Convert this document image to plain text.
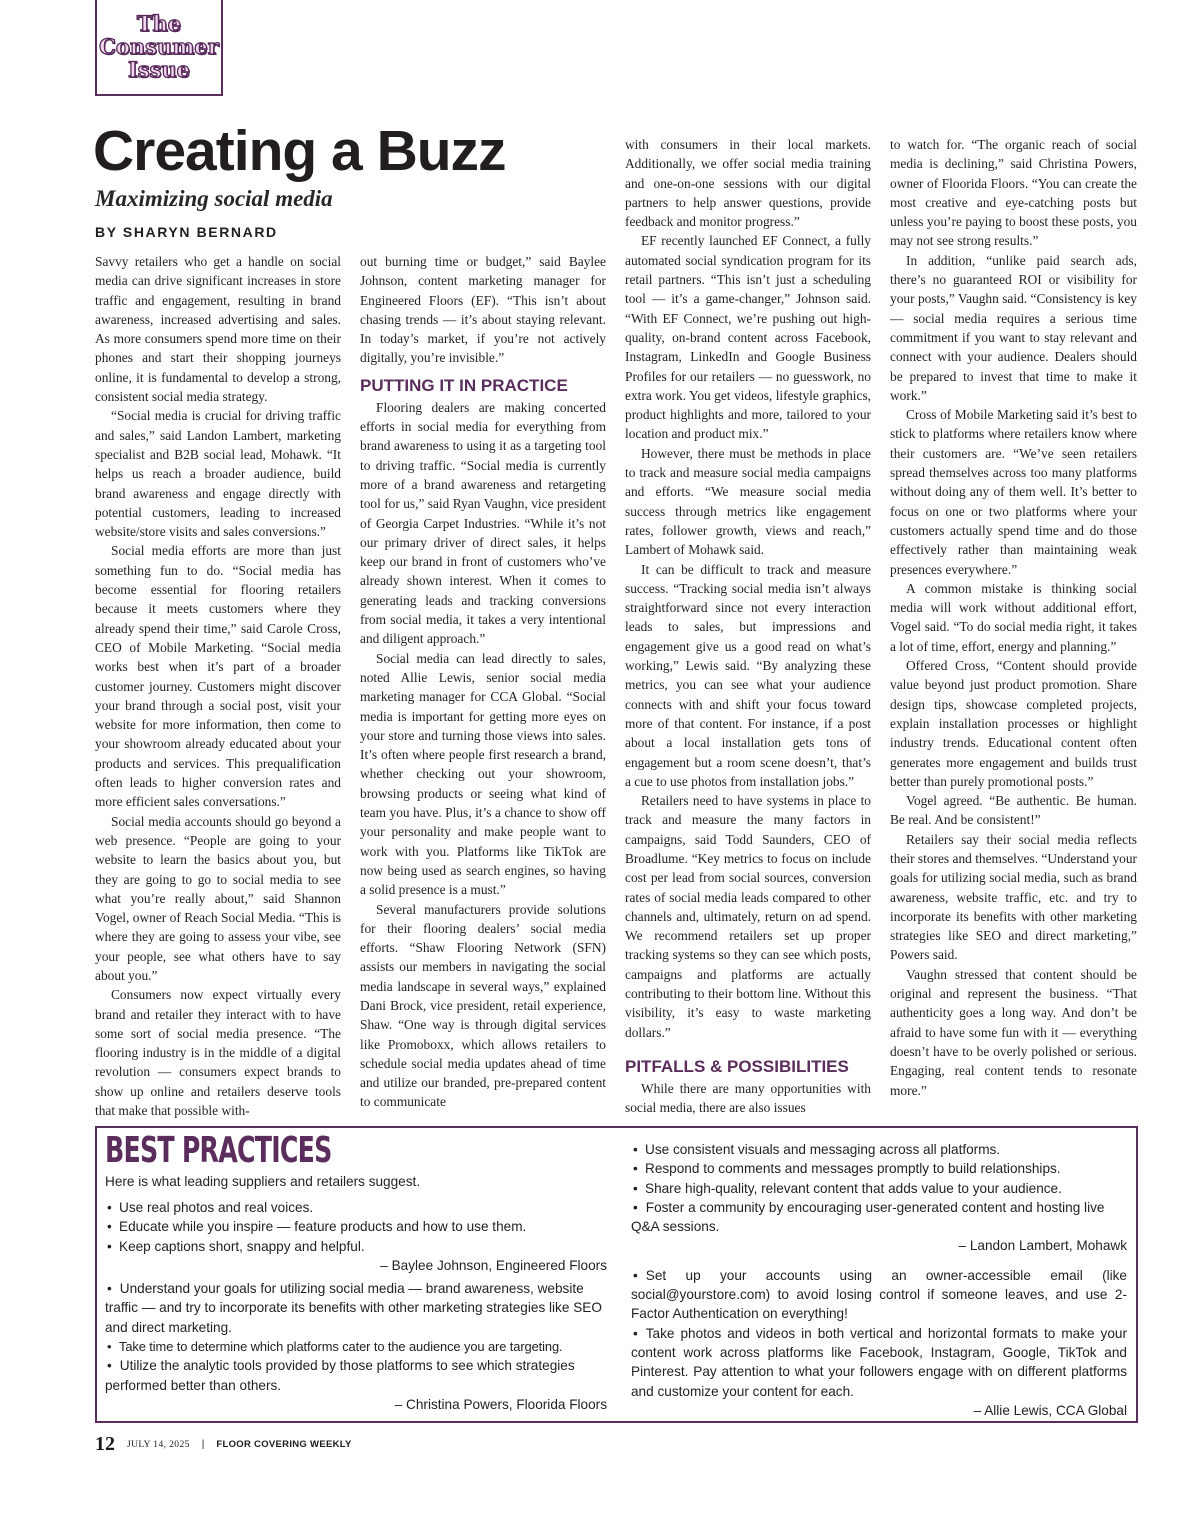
The
Consumer
Issue
Creating a Buzz
Maximizing social media
BY SHARYN BERNARD

Savvy retailers who get a handle on social media can drive significant increases in store traffic and engagement, resulting in brand awareness, increased advertising and sales. As more consumers spend more time on their phones and start their shopping journeys online, it is fundamental to develop a strong, consistent social media strategy.

“Social media is crucial for driving traffic and sales,” said Landon Lambert, marketing specialist and B2B social lead, Mohawk. “It helps us reach a broader audience, build brand awareness and engage directly with potential customers, leading to increased website/store visits and sales conversions.”

Social media efforts are more than just something fun to do. “Social media has become essential for flooring retailers because it meets customers where they already spend their time,” said Carole Cross, CEO of Mobile Marketing. “Social media works best when it’s part of a broader customer journey. Customers might discover your brand through a social post, visit your website for more information, then come to your showroom already educated about your products and services. This prequalification often leads to higher conversion rates and more efficient sales conversations.”

Social media accounts should go beyond a web presence. “People are going to your website to learn the basics about you, but they are going to go to social media to see what you’re really about,” said Shannon Vogel, owner of Reach Social Media. “This is where they are going to assess your vibe, see your people, see what others have to say about you.”

Consumers now expect virtually every brand and retailer they interact with to have some sort of social media presence. “The flooring industry is in the middle of a digital revolution — consumers expect brands to show up online and retailers deserve tools that make that possible with-

out burning time or budget,” said Baylee Johnson, content marketing manager for Engineered Floors (EF). “This isn’t about chasing trends — it’s about staying relevant. In today’s market, if you’re not actively digitally, you’re invisible.”

PUTTING IT IN PRACTICE

Flooring dealers are making concerted efforts in social media for everything from brand awareness to using it as a targeting tool to driving traffic. “Social media is currently more of a brand awareness and retargeting tool for us,” said Ryan Vaughn, vice president of Georgia Carpet Industries. “While it’s not our primary driver of direct sales, it helps keep our brand in front of customers who’ve already shown interest. When it comes to generating leads and tracking conversions from social media, it takes a very intentional and diligent approach.”

Social media can lead directly to sales, noted Allie Lewis, senior social media marketing manager for CCA Global. “Social media is important for getting more eyes on your store and turning those views into sales. It’s often where people first research a brand, whether checking out your showroom, browsing products or seeing what kind of team you have. Plus, it’s a chance to show off your personality and make people want to work with you. Platforms like TikTok are now being used as search engines, so having a solid presence is a must.”

Several manufacturers provide solutions for their flooring dealers’ social media efforts. “Shaw Flooring Network (SFN) assists our members in navigating the social media landscape in several ways,” explained Dani Brock, vice president, retail experience, Shaw. “One way is through digital services like Promoboxx, which allows retailers to schedule social media updates ahead of time and utilize our branded, pre-prepared content to communicate

with consumers in their local markets. Additionally, we offer social media training and one-on-one sessions with our digital partners to help answer questions, provide feedback and monitor progress.”

EF recently launched EF Connect, a fully automated social syndication program for its retail partners. “This isn’t just a scheduling tool — it’s a game-changer,” Johnson said. “With EF Connect, we’re pushing out high-quality, on-brand content across Facebook, Instagram, LinkedIn and Google Business Profiles for our retailers — no guesswork, no extra work. You get videos, lifestyle graphics, product highlights and more, tailored to your location and product mix.”

However, there must be methods in place to track and measure social media campaigns and efforts. “We measure social media success through metrics like engagement rates, follower growth, views and reach,” Lambert of Mohawk said.

It can be difficult to track and measure success. “Tracking social media isn’t always straightforward since not every interaction leads to sales, but impressions and engagement give us a good read on what’s working,” Lewis said. “By analyzing these metrics, you can see what your audience connects with and shift your focus toward more of that content. For instance, if a post about a local installation gets tons of engagement but a room scene doesn’t, that’s a cue to use photos from installation jobs.”

Retailers need to have systems in place to track and measure the many factors in campaigns, said Todd Saunders, CEO of Broadlume. “Key metrics to focus on include cost per lead from social sources, conversion rates of social media leads compared to other channels and, ultimately, return on ad spend. We recommend retailers set up proper tracking systems so they can see which posts, campaigns and platforms are actually contributing to their bottom line. Without this visibility, it’s easy to waste marketing dollars.”

PITFALLS & POSSIBILITIES

While there are many opportunities with social media, there are also issues

to watch for. “The organic reach of social media is declining,” said Christina Powers, owner of Floorida Floors. “You can create the most creative and eye-catching posts but unless you’re paying to boost these posts, you may not see strong results.”

In addition, “unlike paid search ads, there’s no guaranteed ROI or visibility for your posts,” Vaughn said. “Consistency is key — social media requires a serious time commitment if you want to stay relevant and connect with your audience. Dealers should be prepared to invest that time to make it work.”

Cross of Mobile Marketing said it’s best to stick to platforms where retailers know where their customers are. “We’ve seen retailers spread themselves across too many platforms without doing any of them well. It’s better to focus on one or two platforms where your customers actually spend time and do those effectively rather than maintaining weak presences everywhere.”

A common mistake is thinking social media will work without additional effort, Vogel said. “To do social media right, it takes a lot of time, effort, energy and planning.”

Offered Cross, “Content should provide value beyond just product promotion. Share design tips, showcase completed projects, explain installation processes or highlight industry trends. Educational content often generates more engagement and builds trust better than purely promotional posts.”

Vogel agreed. “Be authentic. Be human. Be real. And be consistent!”

Retailers say their social media reflects their stores and themselves. “Understand your goals for utilizing social media, such as brand awareness, website traffic, etc. and try to incorporate its benefits with other marketing strategies like SEO and direct marketing,” Powers said.

Vaughn stressed that content should be original and represent the business. “That authenticity goes a long way. And don’t be afraid to have some fun with it — everything doesn’t have to be overly polished or serious. Engaging, real content tends to resonate more.”

BEST PRACTICES
Here is what leading suppliers and retailers suggest.
• Use real photos and real voices.
• Educate while you inspire — feature products and how to use them.
• Keep captions short, snappy and helpful.
– Baylee Johnson, Engineered Floors
• Understand your goals for utilizing social media — brand awareness, website traffic — and try to incorporate its benefits with other marketing strategies like SEO and direct marketing.
• Take time to determine which platforms cater to the audience you are targeting.
• Utilize the analytic tools provided by those platforms to see which strategies performed better than others.
– Christina Powers, Floorida Floors
• Use consistent visuals and messaging across all platforms.
• Respond to comments and messages promptly to build relationships.
• Share high-quality, relevant content that adds value to your audience.
• Foster a community by encouraging user-generated content and hosting live Q&A sessions.
– Landon Lambert, Mohawk
• Set up your accounts using an owner-accessible email (like social@yourstore.com) to avoid losing control if someone leaves, and use 2-Factor Authentication on everything!
• Take photos and videos in both vertical and horizontal formats to make your content work across platforms like Facebook, Instagram, Google, TikTok and Pinterest. Pay attention to what your followers engage with on different platforms and customize your content for each.
– Allie Lewis, CCA Global
12 JULY 14, 2025 | FLOOR COVERING WEEKLY
